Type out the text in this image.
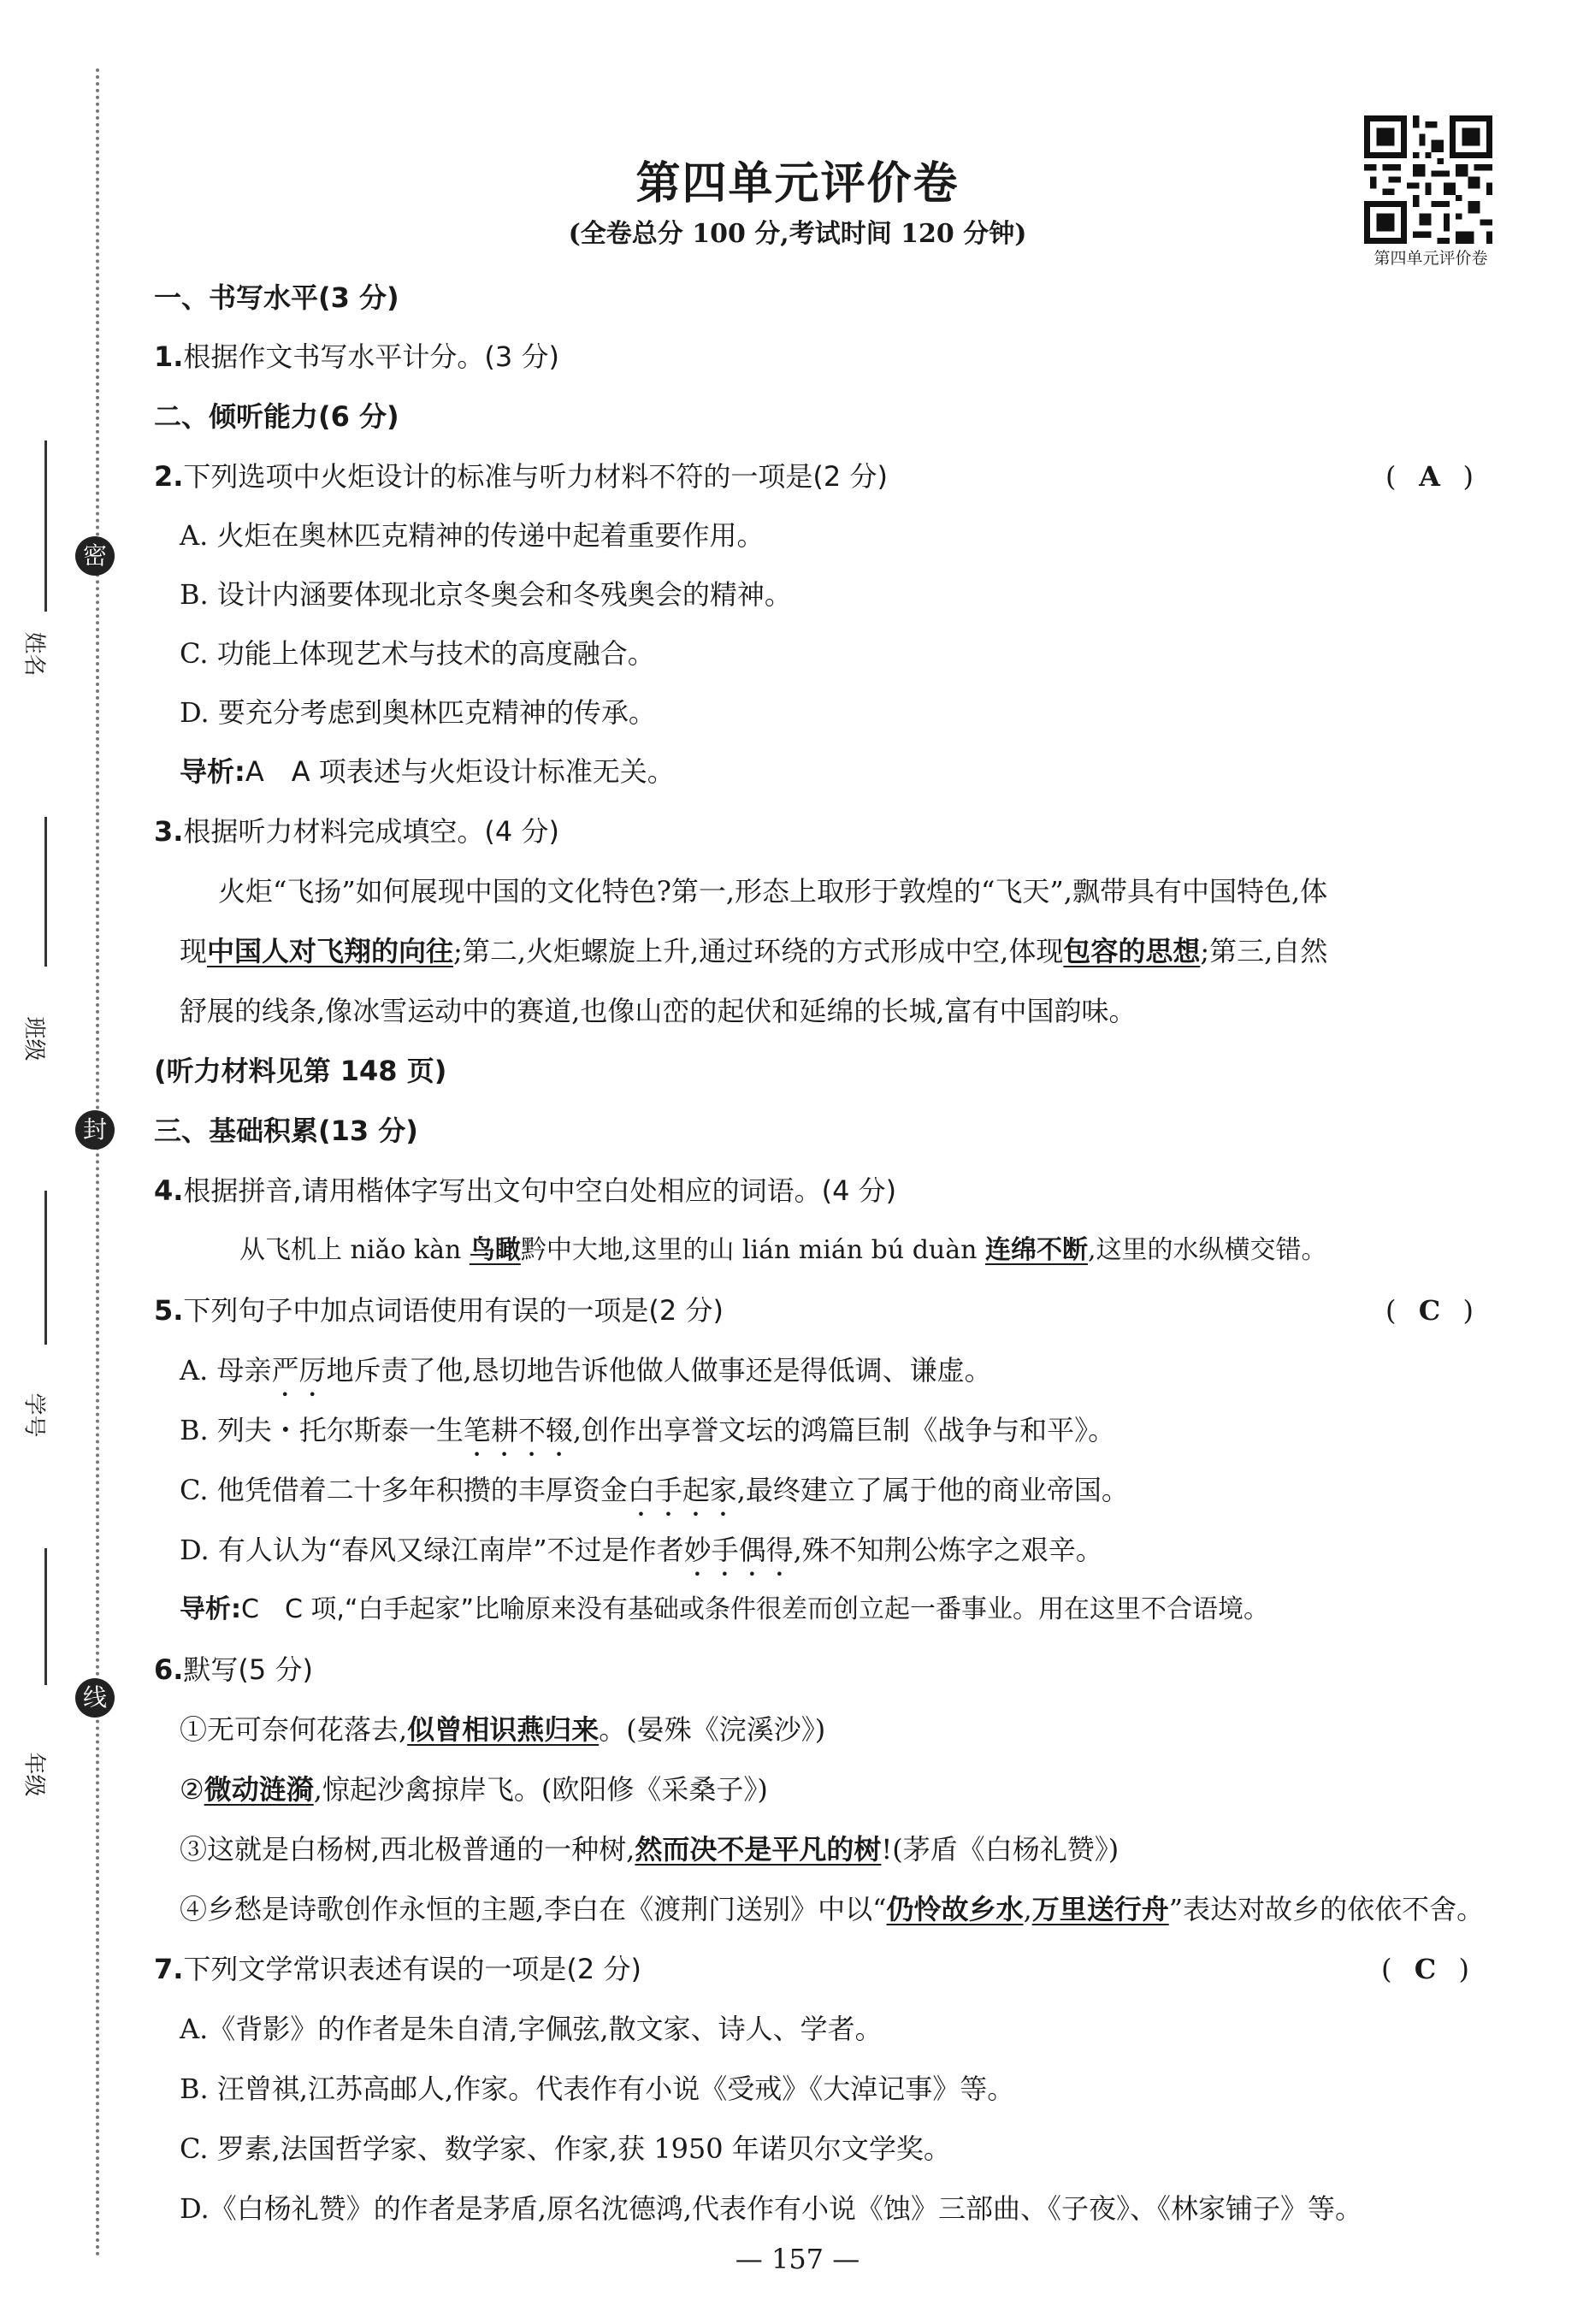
密
封
线
姓名
班级
学号
年级
第四单元评价卷
(全卷总分 100 分,考试时间 120 分钟)
第四单元评价卷
一、书写水平(3 分)
1.根据作文书写水平计分。(3 分)
二、倾听能力(6 分)
2.下列选项中火炬设计的标准与听力材料不符的一项是(2 分)	( A )
A. 火炬在奥林匹克精神的传递中起着重要作用。
B. 设计内涵要体现北京冬奥会和冬残奥会的精神。
C. 功能上体现艺术与技术的高度融合。
D. 要充分考虑到奥林匹克精神的传承。
导析:A　A 项表述与火炬设计标准无关。
3.根据听力材料完成填空。(4 分)
火炬“飞扬”如何展现中国的文化特色?第一,形态上取形于敦煌的“飞天”,飘带具有中国特色,体
现中国人对飞翔的向往;第二,火炬螺旋上升,通过环绕的方式形成中空,体现包容的思想;第三,自然
舒展的线条,像冰雪运动中的赛道,也像山峦的起伏和延绵的长城,富有中国韵味。
(听力材料见第 148 页)
三、基础积累(13 分)
4.根据拼音,请用楷体字写出文句中空白处相应的词语。(4 分)
从飞机上 niǎo kàn 鸟瞰黔中大地,这里的山 lián mián bú duàn 连绵不断,这里的水纵横交错。
5.下列句子中加点词语使用有误的一项是(2 分)	( C )
A. 母亲严厉地斥责了他,恳切地告诉他做人做事还是得低调、谦虚。
B. 列夫・托尔斯泰一生笔耕不辍,创作出享誉文坛的鸿篇巨制《战争与和平》。
C. 他凭借着二十多年积攒的丰厚资金白手起家,最终建立了属于他的商业帝国。
D. 有人认为“春风又绿江南岸”不过是作者妙手偶得,殊不知荆公炼字之艰辛。
导析:C　C 项,“白手起家”比喻原来没有基础或条件很差而创立起一番事业。用在这里不合语境。
6.默写(5 分)
①无可奈何花落去,似曾相识燕归来。(晏殊《浣溪沙》)
②微动涟漪,惊起沙禽掠岸飞。(欧阳修《采桑子》)
③这就是白杨树,西北极普通的一种树,然而决不是平凡的树!(茅盾《白杨礼赞》)
④乡愁是诗歌创作永恒的主题,李白在《渡荆门送别》中以“仍怜故乡水,万里送行舟”表达对故乡的依依不舍。
7.下列文学常识表述有误的一项是(2 分)	( C )
A.《背影》的作者是朱自清,字佩弦,散文家、诗人、学者。
B. 汪曾祺,江苏高邮人,作家。代表作有小说《受戒》《大淖记事》等。
C. 罗素,法国哲学家、数学家、作家,获 1950 年诺贝尔文学奖。
D.《白杨礼赞》的作者是茅盾,原名沈德鸿,代表作有小说《蚀》三部曲、《子夜》、《林家铺子》等。
— 157 —
